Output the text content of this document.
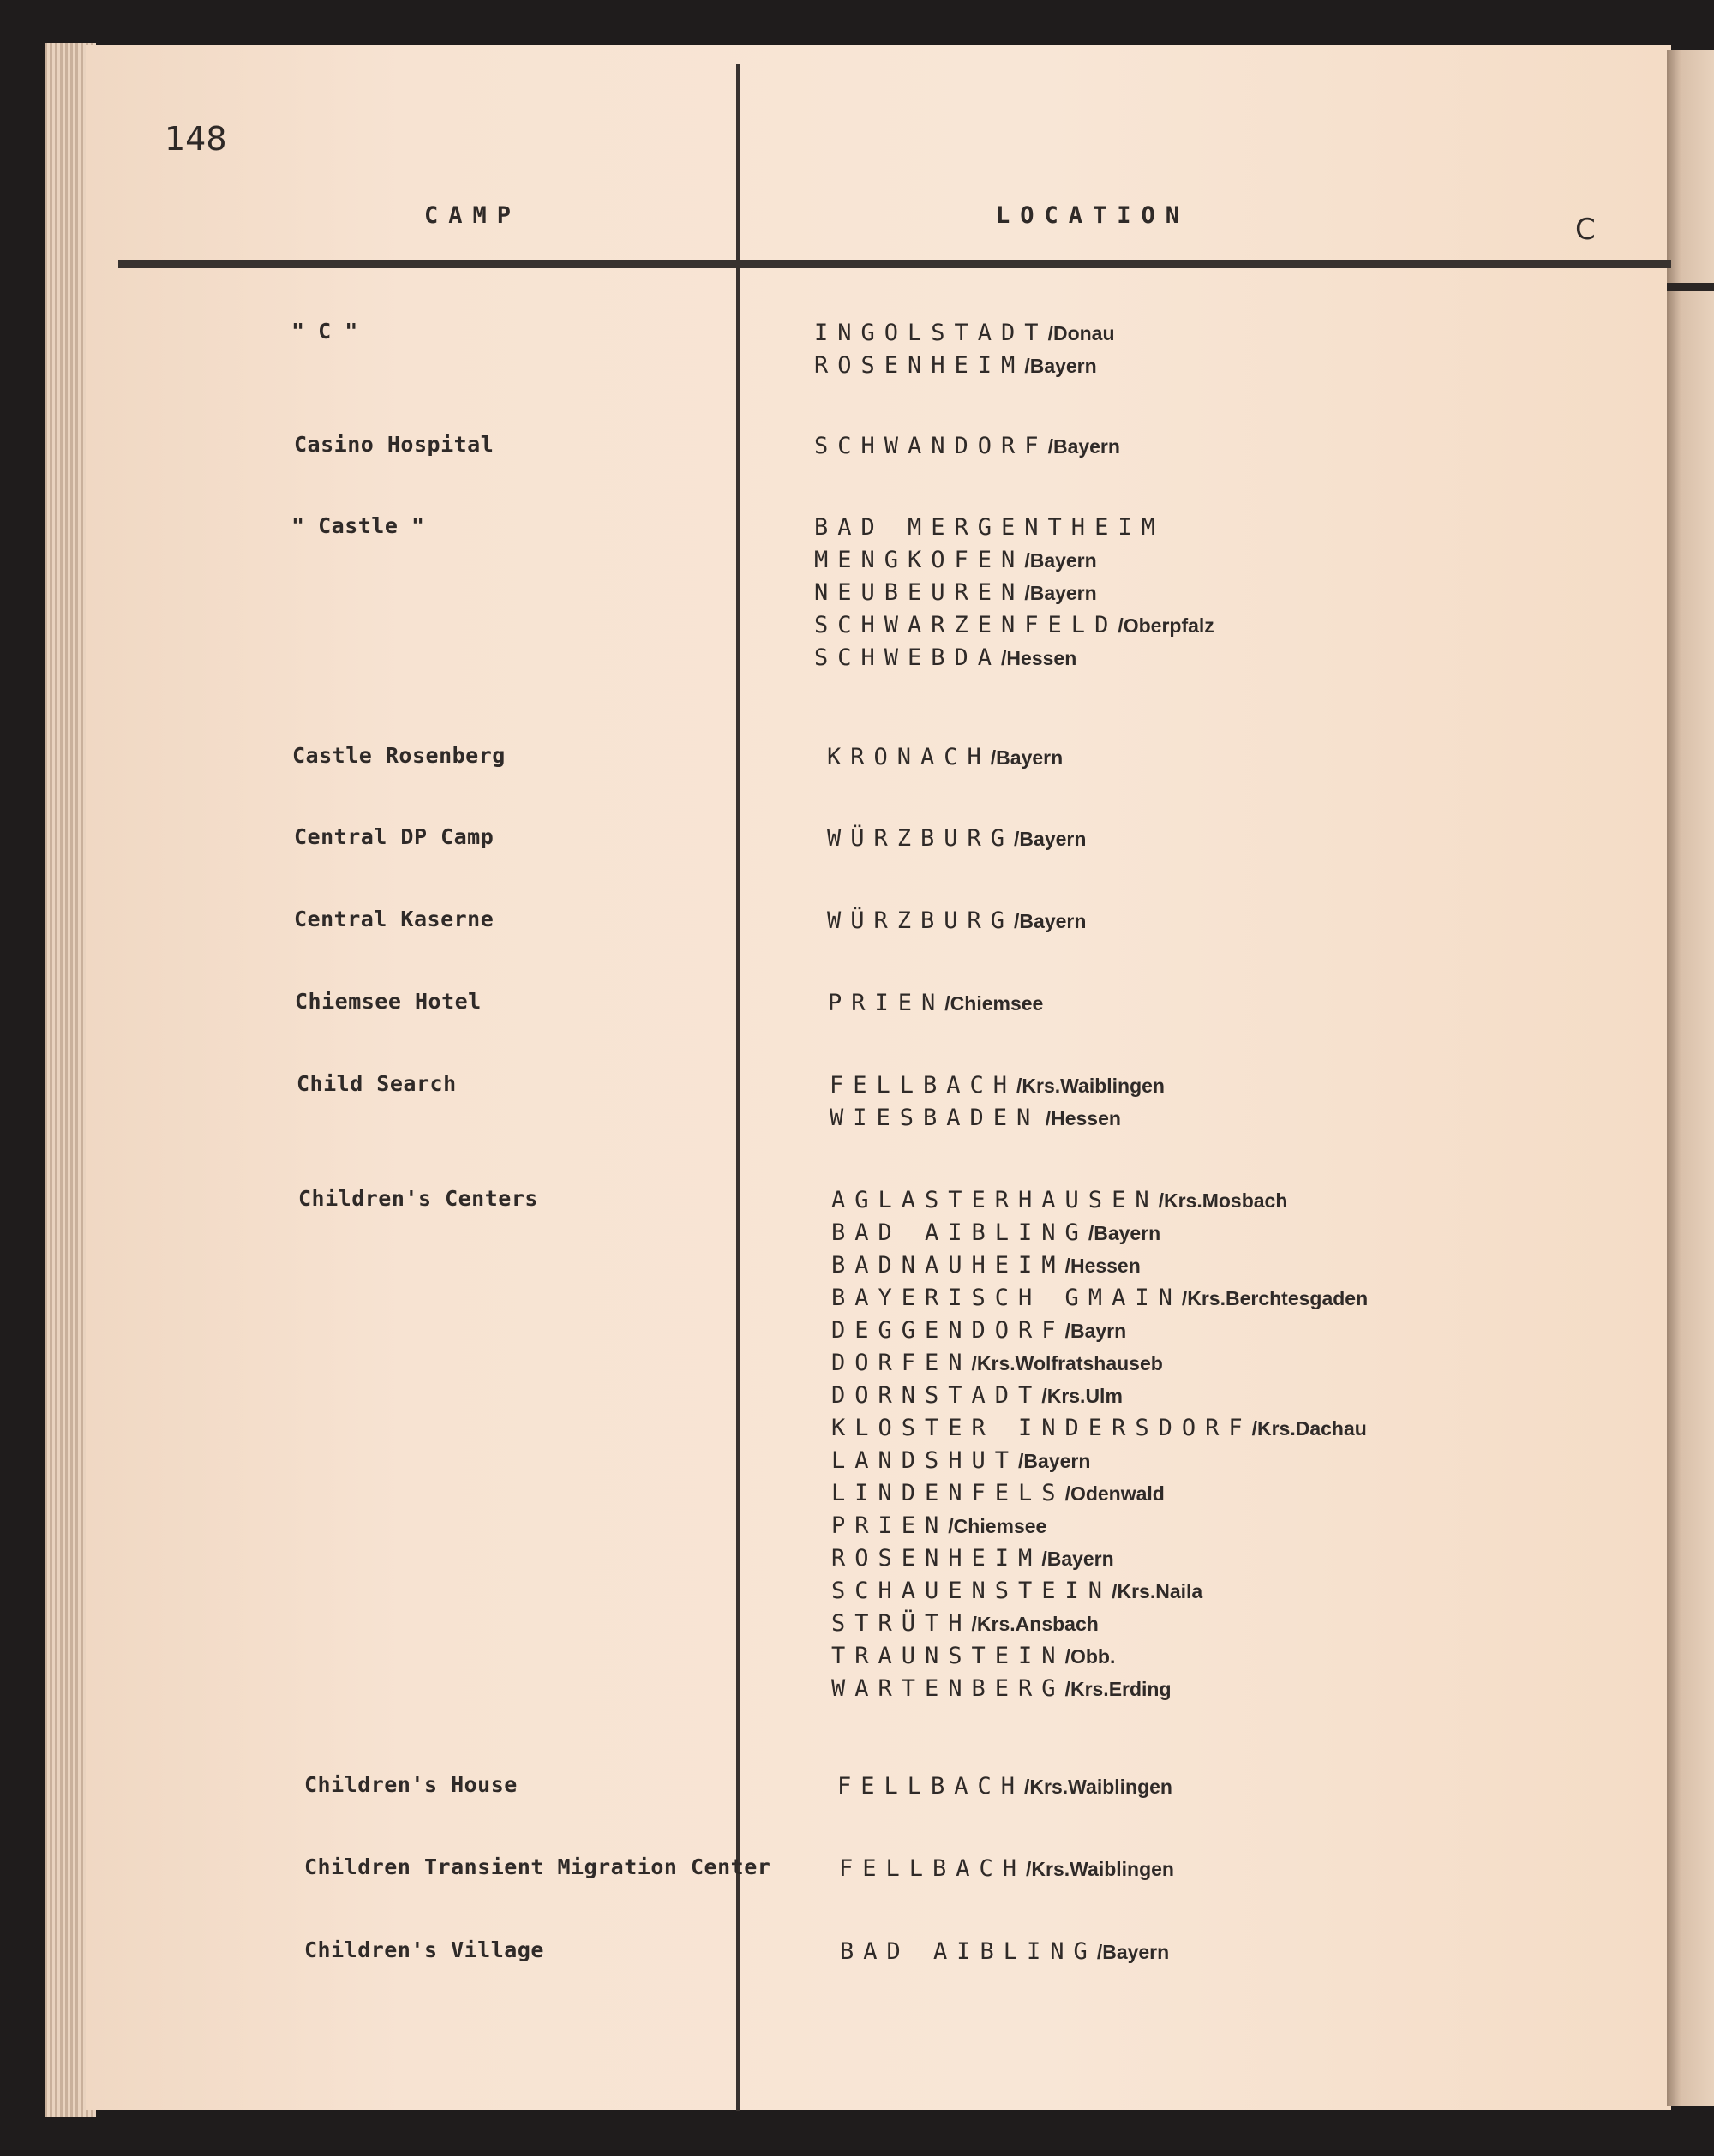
148
CAMP	LOCATION	C
" C "	INGOLSTADT/Donau
ROSENHEIM/Bayern
Casino Hospital	SCHWANDORF/Bayern
" Castle "	BAD MERGENTHEIM
MENGKOFEN/Bayern
NEUBEUREN/Bayern
SCHWARZENFELD/Oberpfalz
SCHWEBDA/Hessen
Castle Rosenberg	KRONACH/Bayern
Central DP Camp	WÜRZBURG/Bayern
Central Kaserne	WÜRZBURG/Bayern
Chiemsee Hotel	PRIEN/Chiemsee
Child Search	FELLBACH/Krs.Waiblingen
WIESBADEN /Hessen
Children's Centers	AGLASTERHAUSEN/Krs.Mosbach
BAD AIBLING/Bayern
BADNAUHEIM/Hessen
BAYERISCH GMAIN/Krs.Berchtesgaden
DEGGENDORF/Bayrn
DORFEN/Krs.Wolfratshauseb
DORNSTADT/Krs.Ulm
KLOSTER INDERSDORF/Krs.Dachau
LANDSHUT/Bayern
LINDENFELS/Odenwald
PRIEN/Chiemsee
ROSENHEIM/Bayern
SCHAUENSTEIN/Krs.Naila
STRÜTH/Krs.Ansbach
TRAUNSTEIN/Obb.
WARTENBERG/Krs.Erding
Children's House	FELLBACH/Krs.Waiblingen
Children Transient Migration Center	FELLBACH/Krs.Waiblingen
Children's Village	BAD AIBLING/Bayern
